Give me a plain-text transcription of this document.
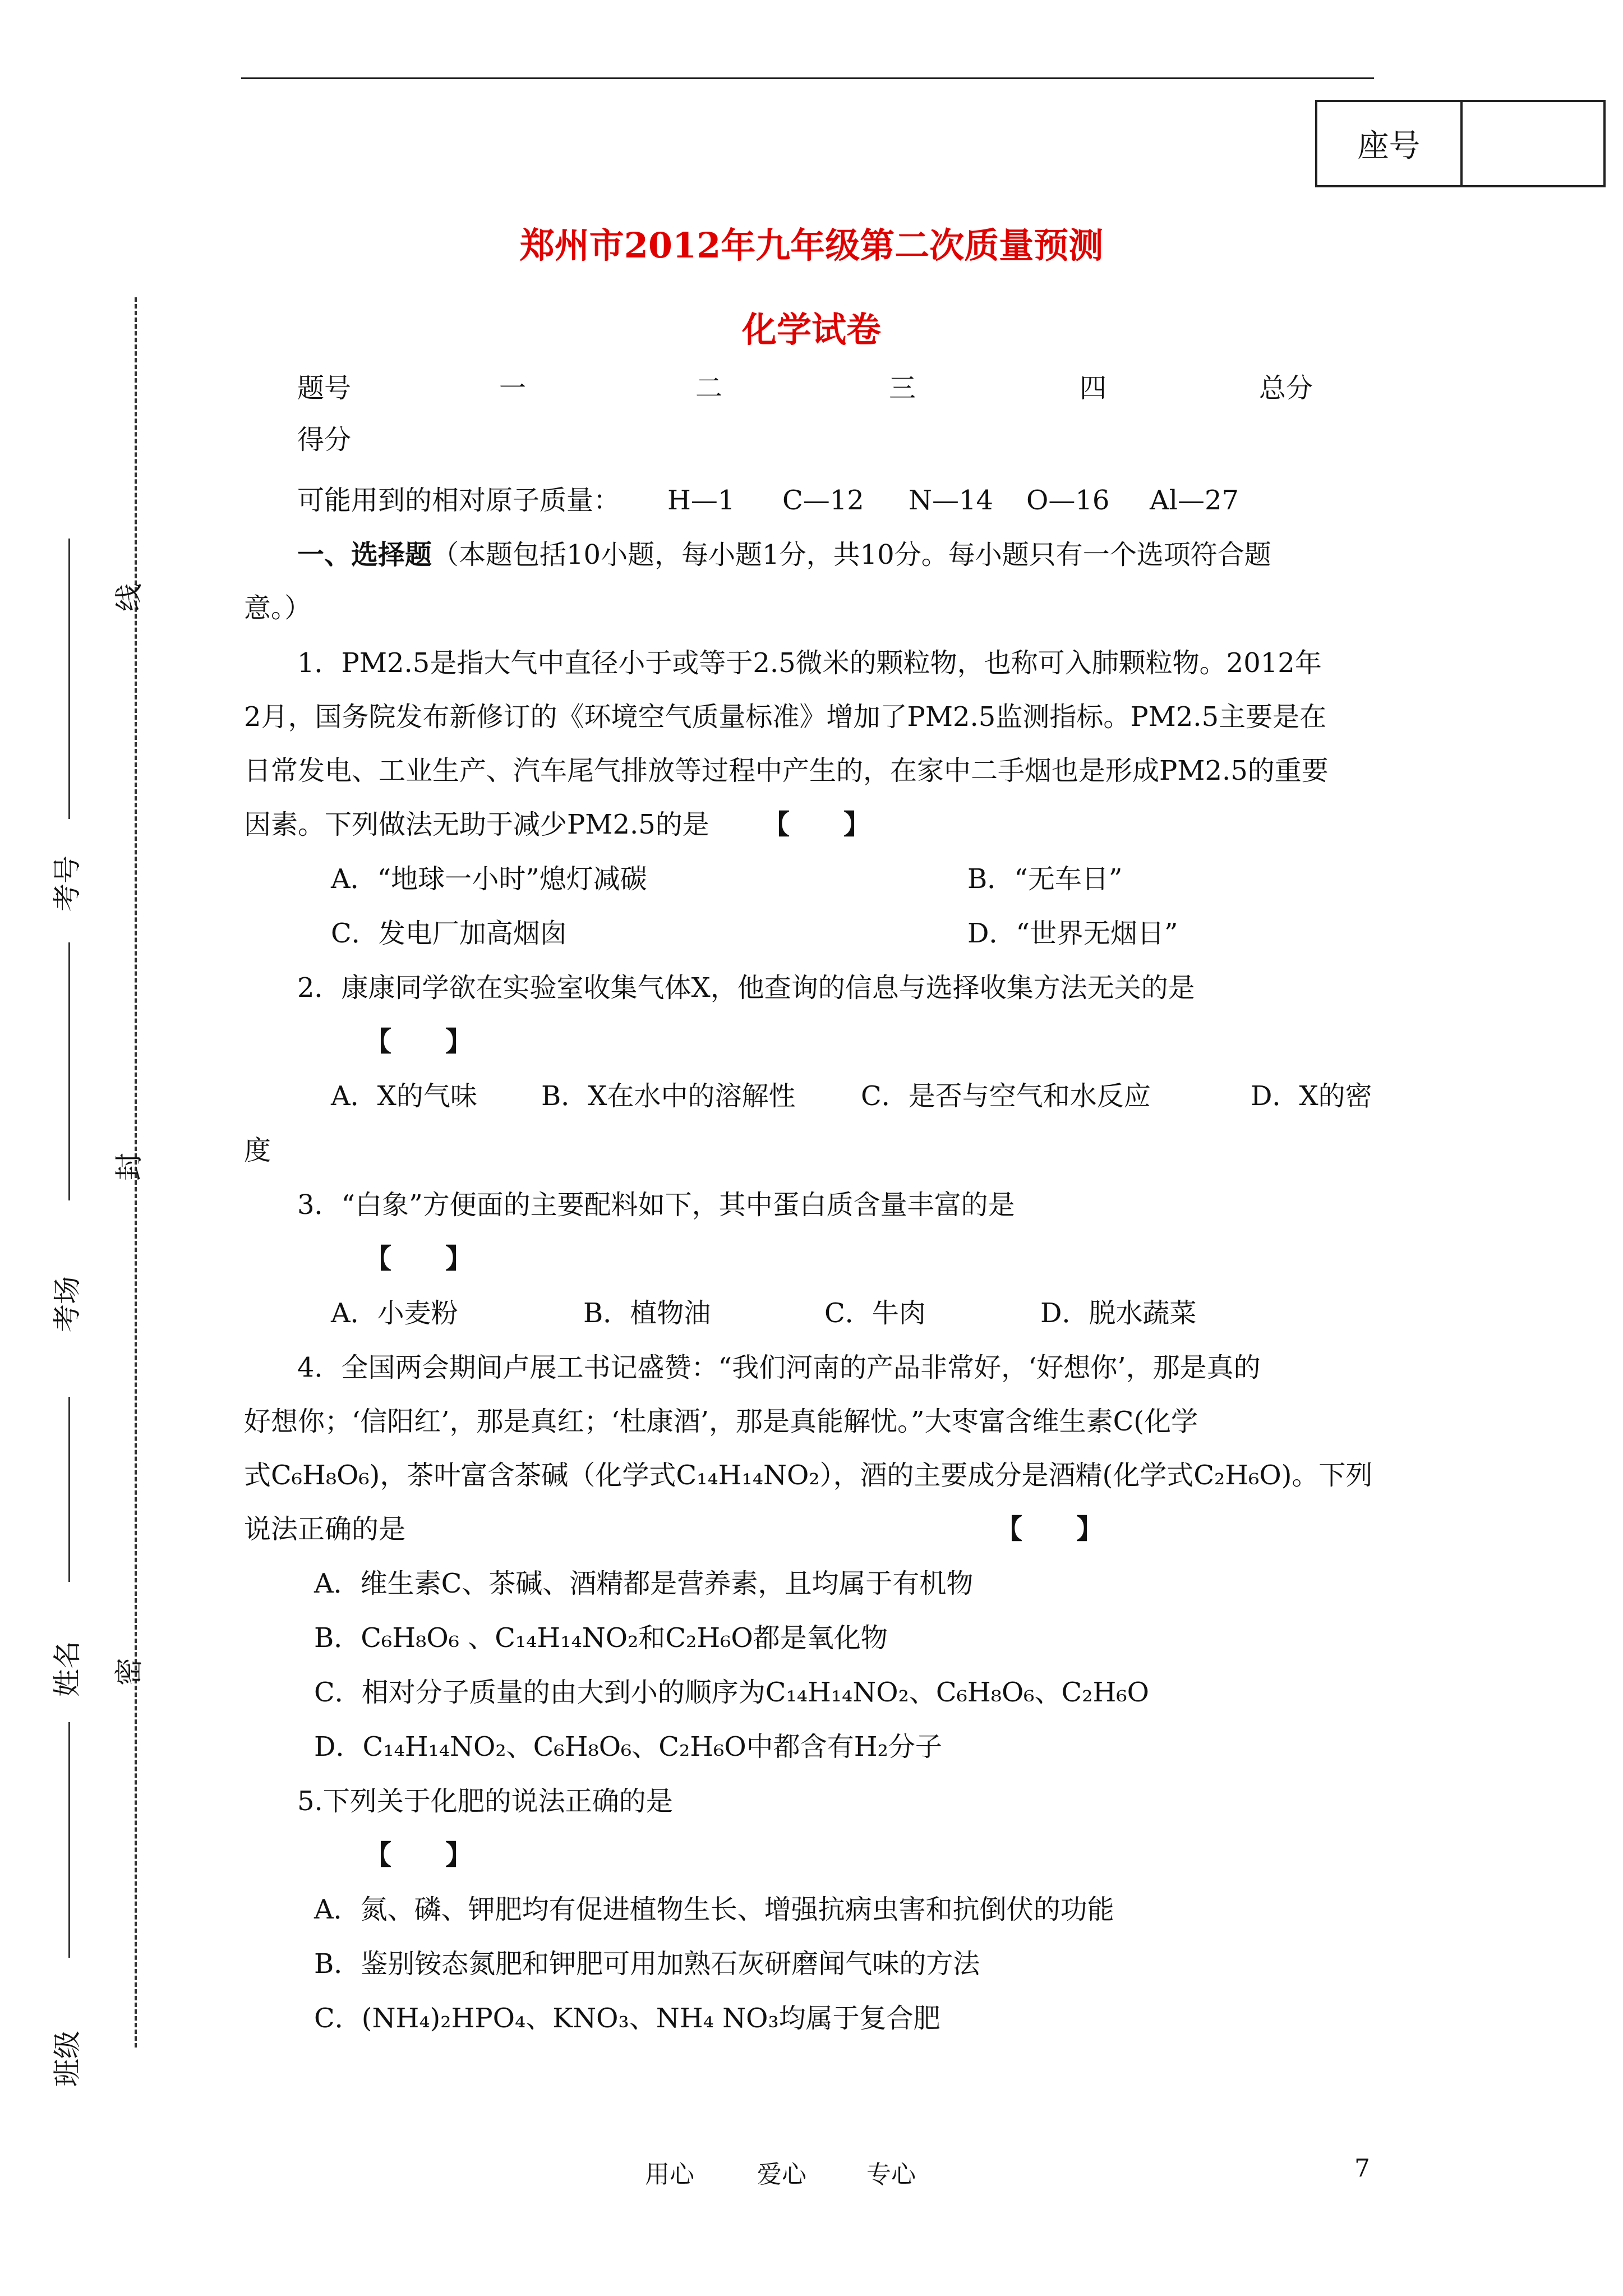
座号
郑州市2012年九年级第二次质量预测
化学试卷
题号	一	二	三	四	总分
得分
可能用到的相对原子质量： H—1 C—12 N—14 O—16 Al—27
一、选择题（本题包括10小题，每小题1分，共10分。每小题只有一个选项符合题
意。）
1．PM2.5是指大气中直径小于或等于2.5微米的颗粒物，也称可入肺颗粒物。2012年
2月，国务院发布新修订的《环境空气质量标准》增加了PM2.5监测指标。PM2.5主要是在
日常发电、工业生产、汽车尾气排放等过程中产生的，在家中二手烟也是形成PM2.5的重要
因素。下列做法无助于减少PM2.5的是 【　　】
A．“地球一小时”熄灯减碳	B．“无车日”
C．发电厂加高烟囱	D．“世界无烟日”
2．康康同学欲在实验室收集气体X，他查询的信息与选择收集方法无关的是
【　　】
A．X的气味 B．X在水中的溶解性 C．是否与空气和水反应	D．X的密
度
3．“白象”方便面的主要配料如下，其中蛋白质含量丰富的是
【　　】
A．小麦粉	B．植物油	C．牛肉	D．脱水蔬菜
4．全国两会期间卢展工书记盛赞：“我们河南的产品非常好，‘好想你’，那是真的
好想你；‘信阳红’，那是真红；‘杜康酒’，那是真能解忧。”大枣富含维生素C(化学
式C₆H₈O₆)，茶叶富含茶碱（化学式C₁₄H₁₄NO₂），酒的主要成分是酒精(化学式C₂H₆O)。下列
说法正确的是	【　　】
A．维生素C、茶碱、酒精都是营养素，且均属于有机物
B．C₆H₈O₆ 、C₁₄H₁₄NO₂和C₂H₆O都是氧化物
C．相对分子质量的由大到小的顺序为C₁₄H₁₄NO₂、C₆H₈O₆、C₂H₆O
D．C₁₄H₁₄NO₂、C₆H₈O₆、C₂H₆O中都含有H₂分子
5.下列关于化肥的说法正确的是
【　　】
A．氮、磷、钾肥均有促进植物生长、增强抗病虫害和抗倒伏的功能
B．鉴别铵态氮肥和钾肥可用加熟石灰研磨闻气味的方法
C．(NH₄)₂HPO₄、KNO₃、NH₄ NO₃均属于复合肥
考号
考场
姓名
班级
线
封
密
用心	爱心 专心	7
